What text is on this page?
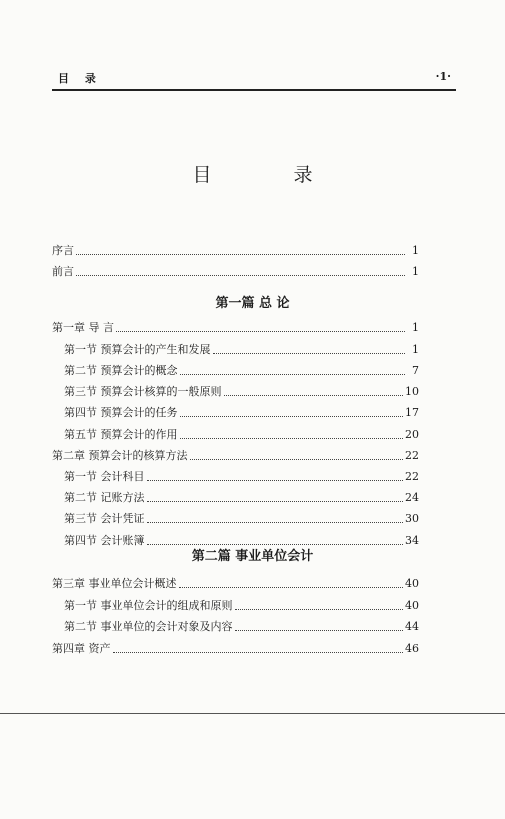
目 录	·1·
目 录
序言	1
前言	1
第一篇 总 论
第一章 导 言	1
第一节 预算会计的产生和发展	1
第二节 预算会计的概念	7
第三节 预算会计核算的一般原则	10
第四节 预算会计的任务	17
第五节 预算会计的作用	20
第二章 预算会计的核算方法	22
第一节 会计科目	22
第二节 记账方法	24
第三节 会计凭证	30
第四节 会计账簿	34
第二篇 事业单位会计
第三章 事业单位会计概述	40
第一节 事业单位会计的组成和原则	40
第二节 事业单位的会计对象及内容	44
第四章 资产	46
